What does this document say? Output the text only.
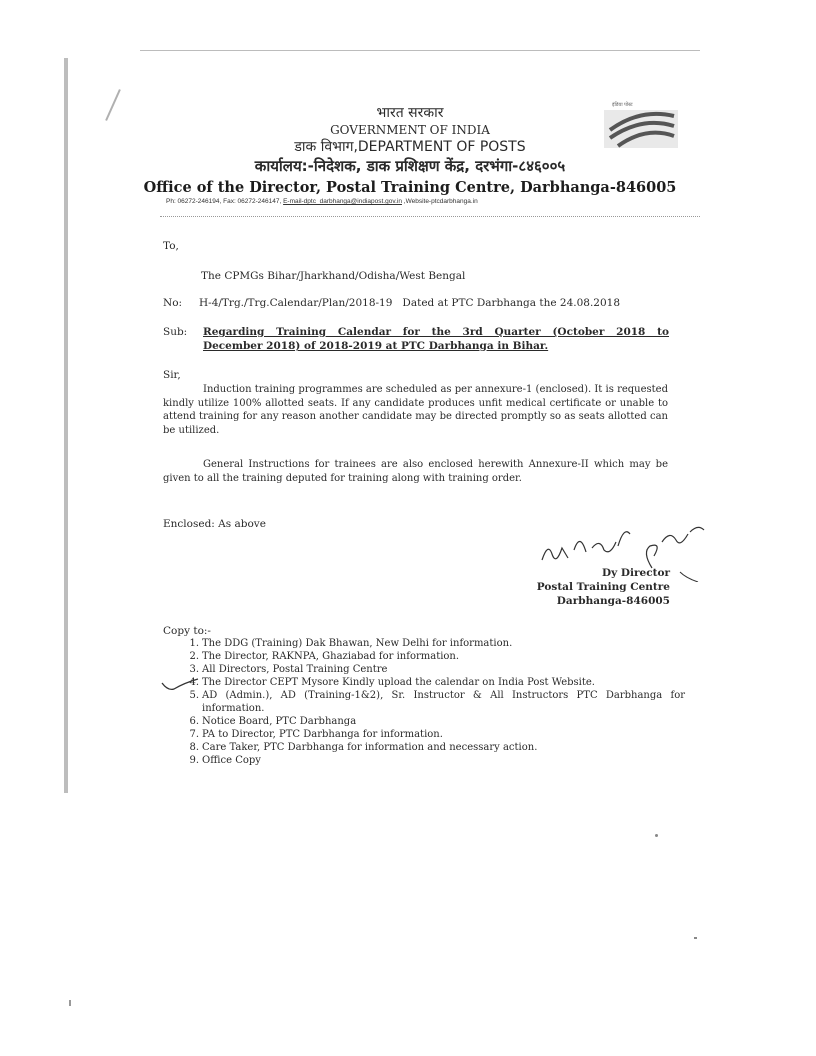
भारत सरकार
GOVERNMENT OF INDIA
डाक विभाग,DEPARTMENT OF POSTS
कार्यालय:-निदेशक, डाक प्रशिक्षण केंद्र, दरभंगा-८४६००५
Office of the Director, Postal Training Centre, Darbhanga-846005
इंडिया पोस्ट
Ph: 06272-246194, Fax: 06272-246147, E-mail-dptc_darbhanga@indiapost.gov.in ,Website-ptcdarbhanga.in
To,
The CPMGs Bihar/Jharkhand/Odisha/West Bengal
No: H-4/Trg./Trg.Calendar/Plan/2018-19 Dated at PTC Darbhanga the 24.08.2018
Sub: Regarding Training Calendar for the 3rd Quarter (October 2018 to
December 2018) of 2018-2019 at PTC Darbhanga in Bihar.
Sir,
Induction training programmes are scheduled as per annexure-1 (enclosed). It is requested kindly utilize 100% allotted seats. If any candidate produces unfit medical certificate or unable to attend training for any reason another candidate may be directed promptly so as seats allotted can be utilized.
General Instructions for trainees are also enclosed herewith Annexure-II which may be given to all the training deputed for training along with training order.
Enclosed: As above
Dy Director
Postal Training Centre
Darbhanga-846005
Copy to:-
1. The DDG (Training) Dak Bhawan, New Delhi for information.
2. The Director, RAKNPA, Ghaziabad for information.
3. All Directors, Postal Training Centre
4. The Director CEPT Mysore Kindly upload the calendar on India Post Website.
5. AD (Admin.), AD (Training-1&2), Sr. Instructor & All Instructors PTC Darbhanga for information.
6. Notice Board, PTC Darbhanga
7. PA to Director, PTC Darbhanga for information.
8. Care Taker, PTC Darbhanga for information and necessary action.
9. Office Copy
